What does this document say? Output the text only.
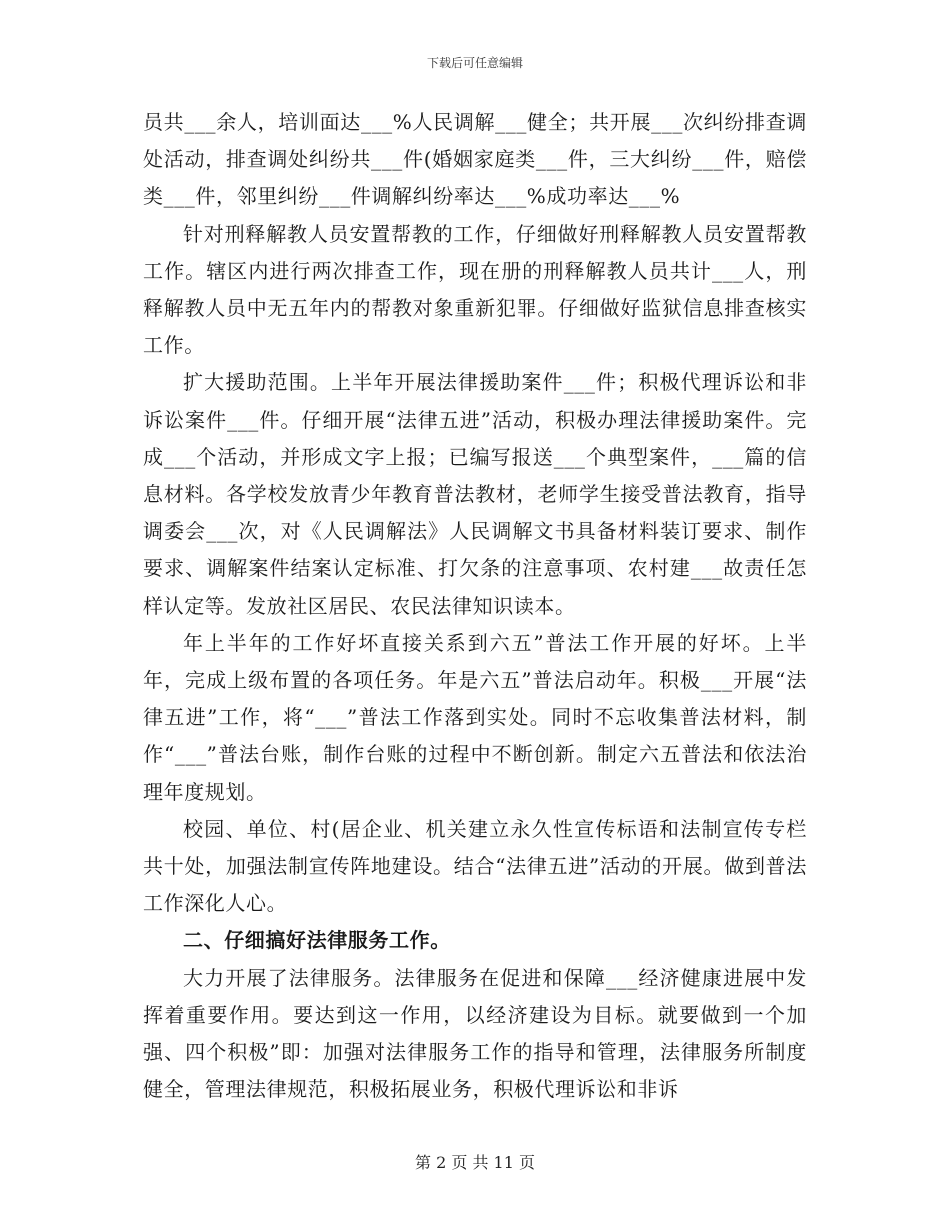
下载后可任意编辑

员共___余人，培训面达___%人民调解___健全；共开展___次纠纷排查调处活动，排查调处纠纷共___件(婚姻家庭类___件，三大纠纷___件，赔偿类___件，邻里纠纷___件调解纠纷率达___%成功率达___%

针对刑释解教人员安置帮教的工作，仔细做好刑释解教人员安置帮教工作。辖区内进行两次排查工作，现在册的刑释解教人员共计___人，刑释解教人员中无五年内的帮教对象重新犯罪。仔细做好监狱信息排查核实工作。

扩大援助范围。上半年开展法律援助案件___件；积极代理诉讼和非诉讼案件___件。仔细开展“法律五进”活动，积极办理法律援助案件。完成___个活动，并形成文字上报；已编写报送___个典型案件，___篇的信息材料。各学校发放青少年教育普法教材，老师学生接受普法教育，指导调委会___次，对《人民调解法》人民调解文书具备材料装订要求、制作要求、调解案件结案认定标准、打欠条的注意事项、农村建___故责任怎样认定等。发放社区居民、农民法律知识读本。

年上半年的工作好坏直接关系到六五”普法工作开展的好坏。上半年，完成上级布置的各项任务。年是六五”普法启动年。积极___开展“法律五进”工作，将“___”普法工作落到实处。同时不忘收集普法材料，制作“___”普法台账，制作台账的过程中不断创新。制定六五普法和依法治理年度规划。

校园、单位、村(居企业、机关建立永久性宣传标语和法制宣传专栏共十处，加强法制宣传阵地建设。结合“法律五进”活动的开展。做到普法工作深化人心。

二、仔细搞好法律服务工作。

大力开展了法律服务。法律服务在促进和保障___经济健康进展中发挥着重要作用。要达到这一作用，以经济建设为目标。就要做到一个加强、四个积极”即：加强对法律服务工作的指导和管理，法律服务所制度健全，管理法律规范，积极拓展业务，积极代理诉讼和非诉

第 2 页 共 11 页
